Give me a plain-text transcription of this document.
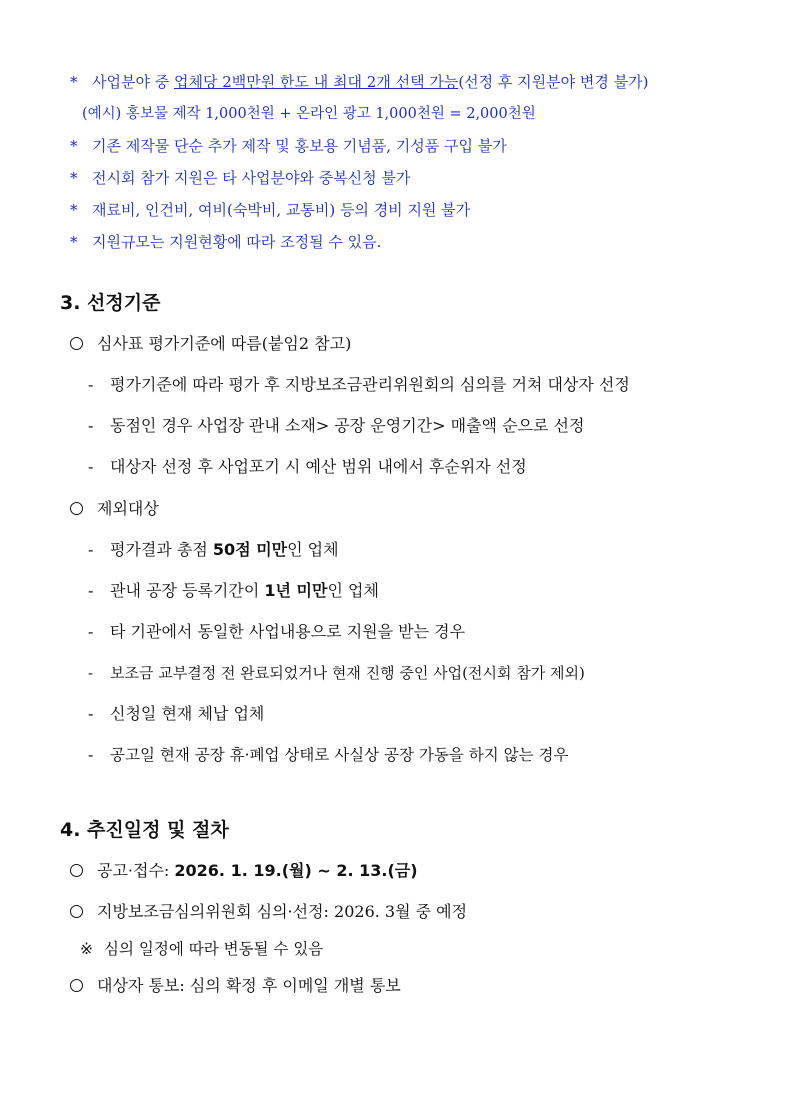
* 사업분야 중 업체당 2백만원 한도 내 최대 2개 선택 가능(선정 후 지원분야 변경 불가)
(예시) 홍보물 제작 1,000천원 + 온라인 광고 1,000천원 = 2,000천원
* 기존 제작물 단순 추가 제작 및 홍보용 기념품, 기성품 구입 불가
* 전시회 참가 지원은 타 사업분야와 중복신청 불가
* 재료비, 인건비, 여비(숙박비, 교통비) 등의 경비 지원 불가
* 지원규모는 지원현황에 따라 조정될 수 있음.
3. 선정기준
심사표 평가기준에 따름(붙임2 참고)
- 평가기준에 따라 평가 후 지방보조금관리위원회의 심의를 거쳐 대상자 선정
- 동점인 경우 사업장 관내 소재> 공장 운영기간> 매출액 순으로 선정
- 대상자 선정 후 사업포기 시 예산 범위 내에서 후순위자 선정
제외대상
- 평가결과 총점 50점 미만인 업체
- 관내 공장 등록기간이 1년 미만인 업체
- 타 기관에서 동일한 사업내용으로 지원을 받는 경우
- 보조금 교부결정 전 완료되었거나 현재 진행 중인 사업(전시회 참가 제외)
- 신청일 현재 체납 업체
- 공고일 현재 공장 휴·폐업 상태로 사실상 공장 가동을 하지 않는 경우
4. 추진일정 및 절차
공고·접수: 2026. 1. 19.(월) ~ 2. 13.(금)
지방보조금심의위원회 심의·선정: 2026. 3월 중 예정
※ 심의 일정에 따라 변동될 수 있음
대상자 통보: 심의 확정 후 이메일 개별 통보
